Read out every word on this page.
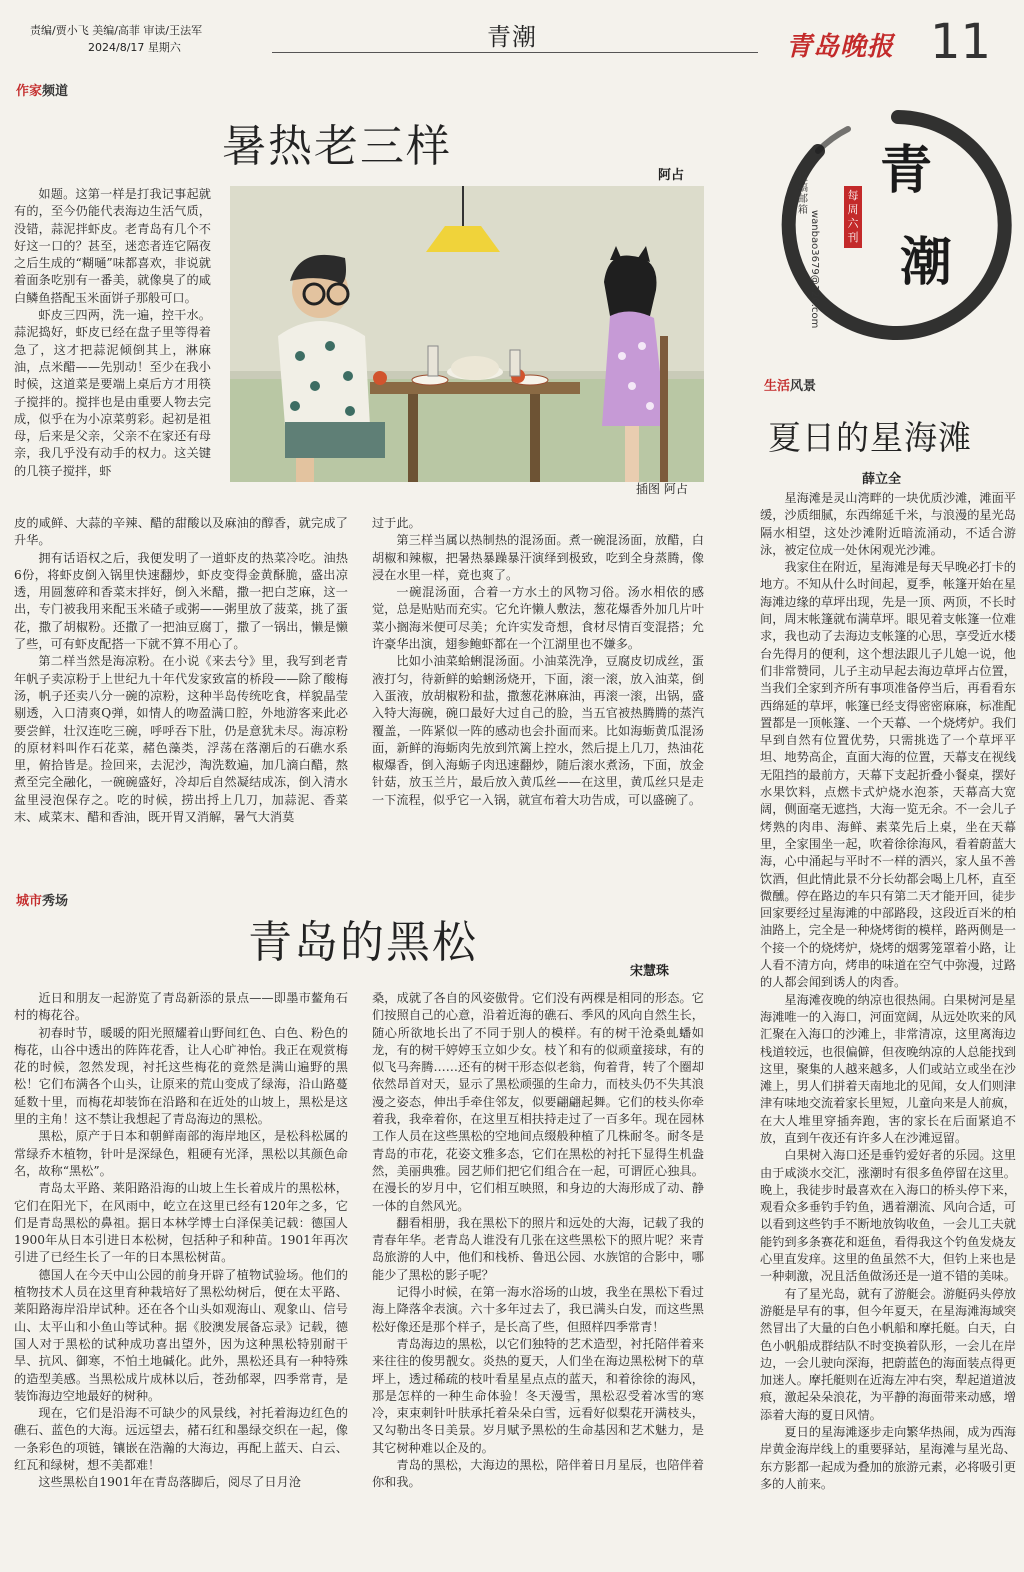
责编/贾小飞 美编/高菲 审读/王法军
2024/8/17 星期六	青潮	青岛晚报 11
作家频道
暑热老三样
阿占

如题。这第一样是打我记事起就有的，至今仍能代表海边生活气质，没错，蒜泥拌虾皮。老青岛有几个不好这一口的？甚至，迷恋者连它隔夜之后生成的“糊嗵”味都喜欢，非说就着面条吃别有一番美，就像臭了的咸白鳞鱼搭配玉米面饼子那般可口。

虾皮三四两，洗一遍，控干水。蒜泥捣好，虾皮已经在盘子里等得着急了，这才把蒜泥倾倒其上，淋麻油，点米醋——先别动！至少在我小时候，这道菜是要端上桌后方才用筷子搅拌的。搅拌也是由重要人物去完成，似乎在为小凉菜剪彩。起初是祖母，后来是父亲，父亲不在家还有母亲，我几乎没有动手的权力。这关键的几筷子搅拌，虾

插图 阿占

皮的咸鲜、大蒜的辛辣、醋的甜酸以及麻油的醇香，就完成了升华。

拥有话语权之后，我便发明了一道虾皮的热菜冷吃。油热6份，将虾皮倒入锅里快速翻炒，虾皮变得金黄酥脆，盛出凉透，用圆葱碎和香菜末拌好，倒入米醋，撒一把白芝麻，这一出，专门被我用来配玉米碴子或粥——粥里放了菠菜，挑了蛋花，撒了胡椒粉。还撒了一把油豆腐丁，撒了一锅出，懒是懒了些，可有虾皮配搭一下就不算不用心了。

第二样当然是海凉粉。在小说《来去兮》里，我写到老青年帆子卖凉粉于上世纪九十年代发家致富的桥段——除了酸梅汤，帆子还卖八分一碗的凉粉，这种半岛传统吃食，样貌晶莹剔透，入口清爽Q弹，如情人的吻盈满口腔，外地游客来此必要尝鲜，壮汉连吃三碗，呼呼吞下肚，仍是意犹未尽。海凉粉的原材料叫作石花菜，赭色藻类，浮荡在落潮后的石礁水系里，俯拾皆是。捡回来，去泥沙，淘洗数遍，加几滴白醋，熬煮至完全融化，一碗碗盛好，冷却后自然凝结成冻，倒入清水盆里浸泡保存之。吃的时候，捞出捋上几刀，加蒜泥、香菜末、咸菜末、醋和香油，既开胃又消解，暑气大消莫

过于此。

第三样当属以热制热的混汤面。煮一碗混汤面，放醋，白胡椒和辣椒，把暑热暴躁暴汗演绎到极致，吃到全身蒸腾，像浸在水里一样，竟也爽了。

一碗混汤面，合着一方水土的风物习俗。汤水相依的感觉，总是贴贴而充实。它允许懒人敷法，葱花爆香外加几片叶菜小搁海米便可尽美；允许实发奇想，食材尽情百变混搭；允许豪华出演，翅参鲍虾都在一个江湖里也不嫌多。

比如小油菜蛤蜊混汤面。小油菜洗净，豆腐皮切成丝，蛋液打匀，待新鲜的蛤蜊汤烧开，下面，滚一滚，放入油菜，倒入蛋液，放胡椒粉和盐，撒葱花淋麻油，再滚一滚，出锅，盛入特大海碗，碗口最好大过自己的脸，当五官被热腾腾的蒸汽覆盖，一阵紧似一阵的感动也会扑面而来。比如海蛎黄瓜混汤面，新鲜的海蛎肉先放到笊篱上控水，然后提上几刀，热油花椒爆香，倒入海蛎子肉迅速翻炒，随后滚水煮汤，下面，放金针菇，放玉兰片，最后放入黄瓜丝——在这里，黄瓜丝只是走一下流程，似乎它一入锅，就宣布着大功告成，可以盛碗了。

城市秀场
青岛的黑松
宋慧珠

近日和朋友一起游览了青岛新添的景点——即墨市鳌角石村的梅花谷。

初春时节，暖暖的阳光照耀着山野间红色、白色、粉色的梅花，山谷中透出的阵阵花香，让人心旷神怡。我正在观赏梅花的时候，忽然发现，衬托这些梅花的竟然是满山遍野的黑松！它们布满各个山头，让原来的荒山变成了绿海，沿山路蔓延数十里，而梅花却装饰在沿路和在近处的山坡上，黑松是这里的主角！这不禁让我想起了青岛海边的黑松。

黑松，原产于日本和朝鲜南部的海岸地区，是松科松属的常绿乔木植物，针叶是深绿色，粗硬有光泽，黑松以其颜色命名，故称“黑松”。

青岛太平路、莱阳路沿海的山坡上生长着成片的黑松林，它们在阳光下，在风雨中，屹立在这里已经有120年之多，它们是青岛黑松的鼻祖。据日本林学博士白泽保美记载：德国人1900年从日本引进日本松树，包括种子和种苗。1901年再次引进了已经生长了一年的日本黑松树苗。

德国人在今天中山公园的前身开辟了植物试验场。他们的植物技术人员在这里育种栽培好了黑松幼树后，便在太平路、莱阳路海岸沿岸试种。还在各个山头如观海山、观象山、信号山、太平山和小鱼山等试种。据《胶澳发展备忘录》记载，德国人对于黑松的试种成功喜出望外，因为这种黑松特别耐干旱、抗风、御寒，不怕土地碱化。此外，黑松还具有一种特殊的造型美感。当黑松成片成林以后，苍劲郁翠，四季常青，是装饰海边空地最好的树种。

现在，它们是沿海不可缺少的风景线，衬托着海边红色的礁石、蓝色的大海。远远望去，赭石红和墨绿交织在一起，像一条彩色的项链，镶嵌在浩瀚的大海边，再配上蓝天、白云、红瓦和绿树，想不美都难！

这些黑松自1901年在青岛落脚后，阅尽了日月沧

桑，成就了各自的风姿傲骨。它们没有两棵是相同的形态。它们按照自己的心意，沿着近海的礁石、季风的风向自然生长，随心所欲地长出了不同于别人的模样。有的树干沧桑虬蟠如龙，有的树干婷婷玉立如少女。枝丫和有的似顽童接球，有的似飞马奔腾……还有的树干形态似老翁，佝着背，转了个圈却依然昂首对天，显示了黑松顽强的生命力，而枝头仍不失其浪漫之姿态，伸出手牵住邻友，似要翩翩起舞。它们的枝头你牵着我，我牵着你，在这里互相扶持走过了一百多年。现在园林工作人员在这些黑松的空地间点缀般种植了几株耐冬。耐冬是青岛的市花，花姿文雅多态，它们在黑松的衬托下显得生机盎然，美丽典雅。园艺师们把它们组合在一起，可谓匠心独具。在漫长的岁月中，它们相互映照，和身边的大海形成了动、静一体的自然风光。

翻看相册，我在黑松下的照片和远处的大海，记载了我的青春年华。老青岛人谁没有几张在这些黑松下的照片呢？来青岛旅游的人中，他们和栈桥、鲁迅公园、水族馆的合影中，哪能少了黑松的影子呢？

记得小时候，在第一海水浴场的山坡，我坐在黑松下看过海上降落伞表演。六十多年过去了，我已满头白发，而这些黑松好像还是那个样子，是长高了些，但照样四季常青！

青岛海边的黑松，以它们独特的艺术造型，衬托陪伴着来来往往的俊男靓女。炎热的夏天，人们坐在海边黑松树下的草坪上，透过稀疏的枝叶看星星点点的蓝天，和着徐徐的海风，那是怎样的一种生命体验！冬天漫雪，黑松忍受着冰雪的寒冷，束束刺针叶肤承托着朵朵白雪，远看好似梨花开满枝头，又勾勒出冬日美景。岁月赋予黑松的生命基因和艺术魅力，是其它树种难以企及的。

青岛的黑松，大海边的黑松，陪伴着日月星辰，也陪伴着你和我。

投稿邮箱 wanbao3679@126.com
青
潮
每周六刊
生活风景
夏日的星海滩
薛立全

星海滩是灵山湾畔的一块优质沙滩，滩面平缓，沙质细腻，东西绵延千米，与浪漫的星光岛隔水相望，这处沙滩附近暗流涌动，不适合游泳，被定位成一处休闲观光沙滩。

我家住在附近，星海滩是每天早晚必打卡的地方。不知从什么时间起，夏季，帐篷开始在星海滩边缘的草坪出现，先是一顶、两顶，不长时间，周末帐篷就布满草坪。眼见着支帐篷一位难求，我也动了去海边支帐篷的心思，享受近水楼台先得月的便利，这个想法跟儿子儿媳一说，他们非常赞同，儿子主动早起去海边草坪占位置，当我们全家到齐所有事项准备停当后，再看看东西绵延的草坪，帐篷已经支得密密麻麻，标准配置都是一顶帐篷、一个天幕、一个烧烤炉。我们早到自然有位置优势，只需挑选了一个草坪平坦、地势高企，直面大海的位置，天幕支在视线无阻挡的最前方，天幕下支起折叠小餐桌，摆好水果饮料，点燃卡式炉烧水泡茶，天幕高大宽阔，侧面毫无遮挡，大海一览无余。不一会儿子烤熟的肉串、海鲜、素菜先后上桌，坐在天幕里，全家围坐一起，吹着徐徐海风，看着蔚蓝大海，心中涌起与平时不一样的洒兴，家人虽不善饮酒，但此情此景不分长幼都会喝上几杯，直至微醺。停在路边的车只有第二天才能开回，徒步回家要经过星海滩的中部路段，这段近百米的柏油路上，完全是一种烧烤街的模样，路两侧是一个接一个的烧烤炉，烧烤的烟雾笼罩着小路，让人看不清方向，烤串的味道在空气中弥漫，过路的人都会闻到诱人的肉香。

星海滩夜晚的纳凉也很热闹。白果树河是星海滩唯一的入海口，河面宽阔，从远处吹来的风汇聚在入海口的沙滩上，非常清凉，这里离海边栈道较远，也很偏僻，但夜晚纳凉的人总能找到这里，聚集的人越来越多，人们或站立或坐在沙滩上，男人们拼着天南地北的见闻，女人们则津津有味地交流着家长里短，儿童向来是人前疯，在大人堆里穿插奔跑，害的家长在后面紧追不放，直到午夜还有许多人在沙滩逗留。

白果树入海口还是垂钓爱好者的乐园。这里由于咸淡水交汇，涨潮时有很多鱼停留在这里。晚上，我徒步时最喜欢在入海口的桥头停下来，观看众多垂钓手钓鱼，遇着潮流、风向合适，可以看到这些钓手不断地放钩收鱼，一会儿工夫就能钓到多条赛花和逛鱼，看得我这个钓鱼发烧友心里直发痒。这里的鱼虽然不大，但钓上来也是一种刺激，况且活鱼做汤还是一道不错的美味。

有了星光岛，就有了游艇会。游艇码头停放游艇是早有的事，但今年夏天，在星海滩海域突然冒出了大量的白色小帆船和摩托艇。白天，白色小帆船成群结队不时变换着队形，一会儿在岸边，一会儿驶向深海，把蔚蓝色的海面装点得更加迷人。摩托艇则在近海左冲右突，犁起道道波痕，激起朵朵浪花，为平静的海面带来动感，增添着大海的夏日风情。

夏日的星海滩逐步走向繁华热闹，成为西海岸黄金海岸线上的重要驿站，星海滩与星光岛、东方影都一起成为叠加的旅游元素，必将吸引更多的人前来。
